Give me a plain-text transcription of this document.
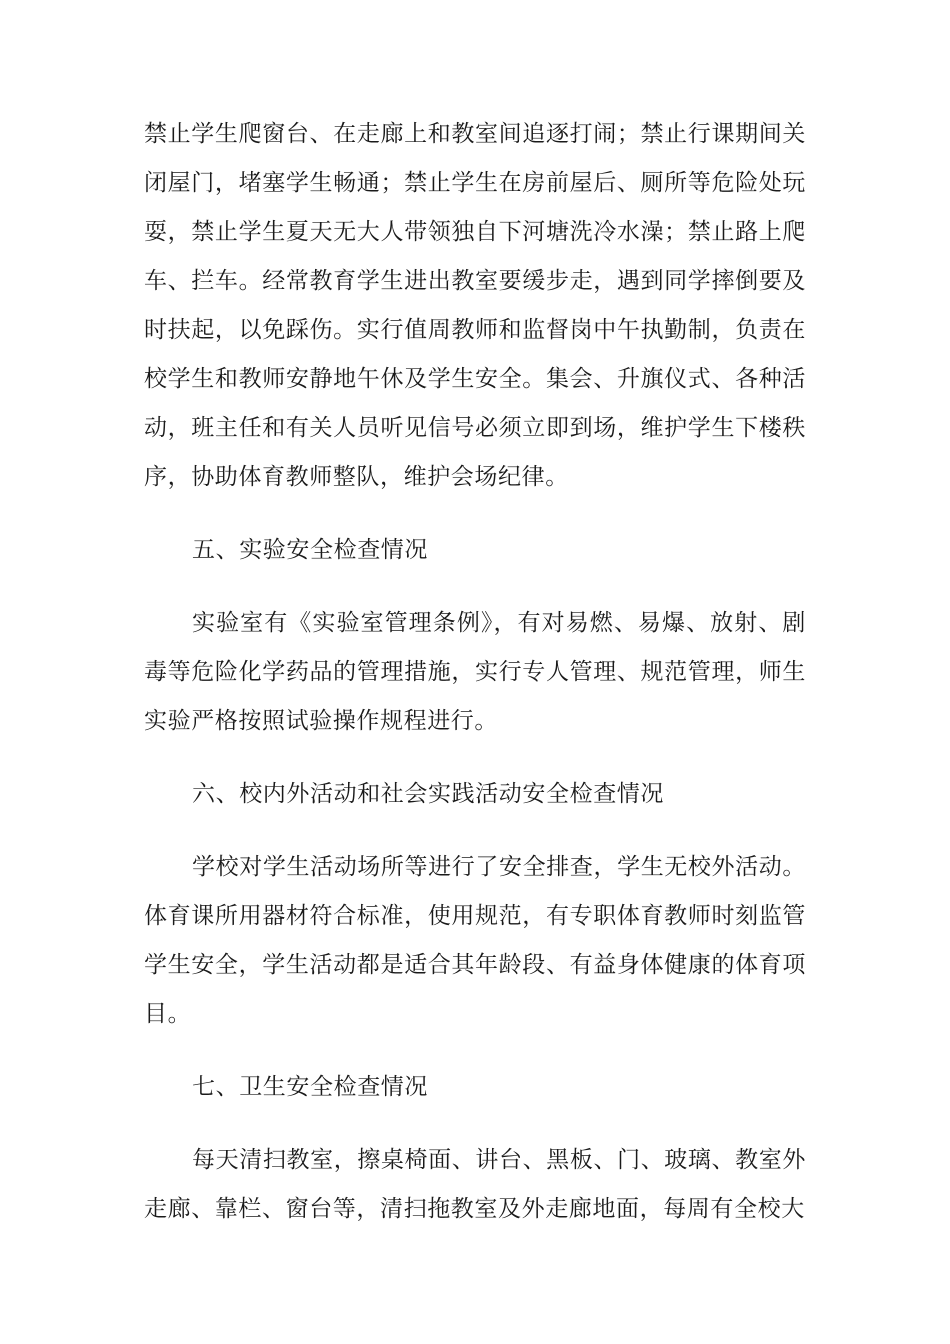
禁止学生爬窗台、在走廊上和教室间追逐打闹；禁止行课期间关闭屋门，堵塞学生畅通；禁止学生在房前屋后、厕所等危险处玩耍，禁止学生夏天无大人带领独自下河塘洗冷水澡；禁止路上爬车、拦车。经常教育学生进出教室要缓步走，遇到同学摔倒要及时扶起，以免踩伤。实行值周教师和监督岗中午执勤制，负责在校学生和教师安静地午休及学生安全。集会、升旗仪式、各种活动，班主任和有关人员听见信号必须立即到场，维护学生下楼秩序，协助体育教师整队，维护会场纪律。

五、实验安全检查情况

实验室有《实验室管理条例》，有对易燃、易爆、放射、剧毒等危险化学药品的管理措施，实行专人管理、规范管理，师生实验严格按照试验操作规程进行。

六、校内外活动和社会实践活动安全检查情况

学校对学生活动场所等进行了安全排查，学生无校外活动。体育课所用器材符合标准，使用规范，有专职体育教师时刻监管学生安全，学生活动都是适合其年龄段、有益身体健康的体育项目。

七、卫生安全检查情况

每天清扫教室，擦桌椅面、讲台、黑板、门、玻璃、教室外走廊、靠栏、窗台等，清扫拖教室及外走廊地面，每周有全校大
